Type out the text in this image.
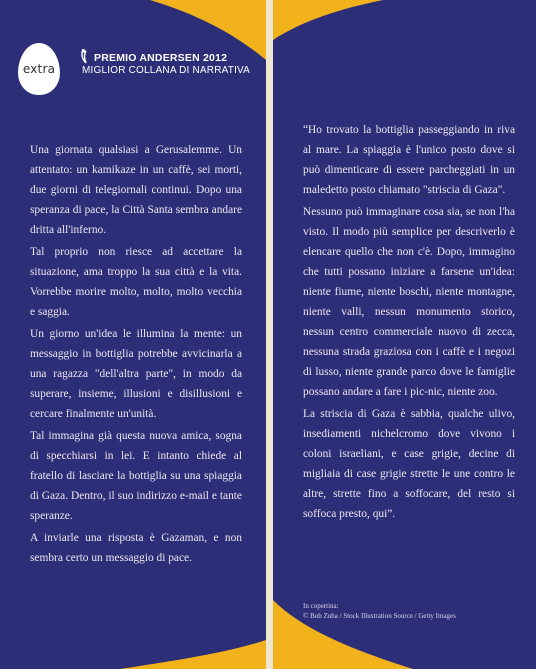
extra
PREMIO ANDERSEN 2012
MIGLIOR COLLANA DI NARRATIVA

Una giornata qualsiasi a Gerusalemme. Un attentato: un kamikaze in un caffè, sei morti, due giorni di telegiornali continui. Dopo una speranza di pace, la Città Santa sembra andare dritta all'inferno.

Tal proprio non riesce ad accettare la situazione, ama troppo la sua città e la vita. Vorrebbe morire molto, molto, molto vecchia e saggia.

Un giorno un'idea le illumina la mente: un messaggio in bottiglia potrebbe avvicinarla a una ragazza "dell'altra parte", in modo da superare, insieme, illusioni e disillusioni e cercare finalmente un'unità.

Tal immagina già questa nuova amica, sogna di specchiarsi in lei. E intanto chiede al fratello di lasciare la bottiglia su una spiaggia di Gaza. Dentro, il suo indirizzo e-mail e tante speranze.

A inviarle una risposta è Gazaman, e non sembra certo un messaggio di pace.

“Ho trovato la bottiglia passeggiando in riva al mare. La spiaggia è l'unico posto dove si può dimenticare di essere parcheggiati in un maledetto posto chiamato "striscia di Gaza".

Nessuno può immaginare cosa sia, se non l'ha visto. Il modo più semplice per descriverlo è elencare quello che non c'è. Dopo, immagino che tutti possano iniziare a farsene un'idea: niente fiume, niente boschi, niente montagne, niente valli, nessun monumento storico, nessun centro commerciale nuovo di zecca, nessuna strada graziosa con i caffè e i negozi di lusso, niente grande parco dove le famiglie possano andare a fare i pic-nic, niente zoo.

La striscia di Gaza è sabbia, qualche ulivo, insediamenti nichelcromo dove vivono i coloni israeliani, e case grigie, decine di migliaia di case grigie strette le une contro le altre, strette fino a soffocare, del resto si soffoca presto, qui”.

In copertina:
© Bob Zuba / Stock Illustration Source / Getty Images
